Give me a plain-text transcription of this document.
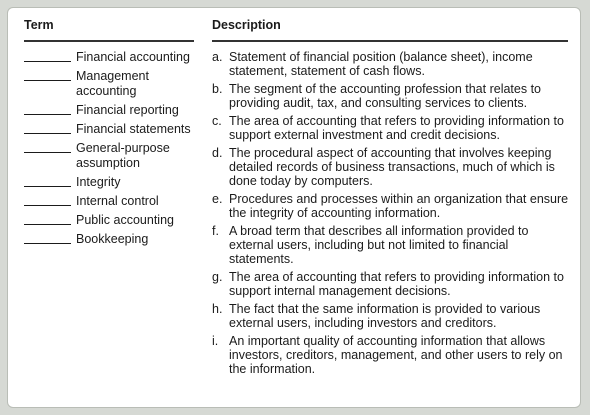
Term	Description
Financial accounting
Management accounting
Financial reporting
Financial statements
General-purpose assumption
Integrity
Internal control
Public accounting
Bookkeeping
a. Statement of financial position (balance sheet), income statement, statement of cash flows.
b. The segment of the accounting profession that relates to providing audit, tax, and consulting services to clients.
c. The area of accounting that refers to providing information to support external investment and credit decisions.
d. The procedural aspect of accounting that involves keeping detailed records of business transactions, much of which is done today by computers.
e. Procedures and processes within an organization that ensure the integrity of accounting information.
f. A broad term that describes all information provided to external users, including but not limited to financial statements.
g. The area of accounting that refers to providing information to support internal management decisions.
h. The fact that the same information is provided to various external users, including investors and creditors.
i. An important quality of accounting information that allows investors, creditors, management, and other users to rely on the information.
